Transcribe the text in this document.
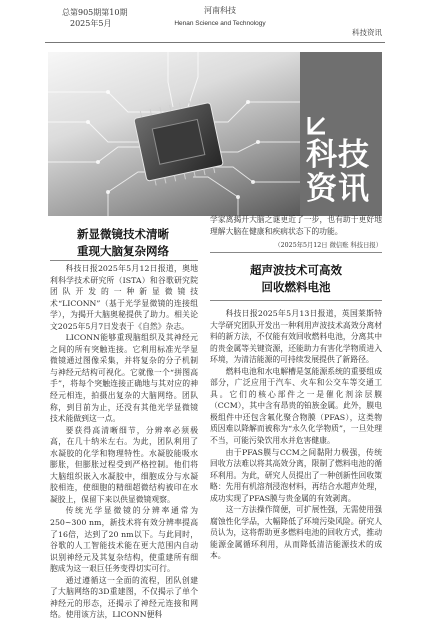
总第905期第10期
2025年5月
河南科技
Henan Science and Technology
科技资讯
科技
资讯
新显微镜技术清晰
重现大脑复杂网络

科技日报2025年5月12日报道，奥地利科学技术研究所（ISTA）和谷歌研究院团队开发的一种新显微镜技术“LICONN”（基于光学显微镜的连接组学），为揭开大脑奥秘提供了助力。相关论文2025年5月7日发表于《自然》杂志。

LICONN能够重现脑组织及其神经元之间的所有突触连接。它利用标准光学显微镜通过图像采集，并将复杂的分子机制与神经元结构可视化。它就像一个“拼图高手”，将每个突触连接正确地与其对应的神经元相连，拍摄出复杂的大脑网络。团队称，到目前为止，还没有其他光学显微镜技术能做到这一点。

要获得高清晰细节，分辨率必须极高，在几十纳米左右。为此，团队利用了水凝胶的化学和物理特性。水凝胶能吸水膨胀，但膨胀过程受到严格控制。他们将大脑组织嵌入水凝胶中，细胞成分与水凝胶相连，使细胞的精细超微结构被印在水凝胶上，保留下来以供显微镜观察。

传统光学显微镜的分辨率通常为250~300 nm，新技术将有效分辨率提高了16倍，达到了20 nm以下。与此同时，谷歌的人工智能技术能在更大范围内自动识别神经元及其复杂结构，使重建所有细胞成为这一艰巨任务变得切实可行。

通过遵循这一全面的流程，团队创建了大脑网络的3D重建图，不仅揭示了单个神经元的形态，还揭示了神经元连接和网络。使用该方法，LICONN便科

学家离揭开大脑之谜更近了一步，也有助于更好地理解大脑在健康和疾病状态下的功能。
（2025年5月12日 微信账 科技日报）
超声波技术可高效
回收燃料电池

科技日报2025年5月13日报道，英国莱斯特大学研究团队开发出一种利用声波技术高效分离材料的新方法，不仅能有效回收燃料电池，分离其中的贵金属等关键资源，还能助力有害化学物质进入环境，为清洁能源的可持续发展提供了新路径。

燃料电池和水电解槽是氢能源系统的重要组成部分，广泛应用于汽车、火车和公交车等交通工具。它们的核心部件之一是催化剂涂层膜（CCM），其中含有昂贵的铂族金属。此外，膜电极组件中还包含氟化聚合物膜（PFAS），这类物质因难以降解而被称为“永久化学物质”，一旦处理不当，可能污染饮用水并危害健康。

由于PFAS膜与CCM之间黏附力极强，传统回收方法难以将其高效分离，限制了燃料电池的循环利用。为此，研究人员提出了一种创新性回收策略：先用有机溶剂浸泡材料，再结合水超声处理，成功实现了PFAS膜与贵金属的有效剥离。

这一方法操作简便，可扩展性强，无需使用强腐蚀性化学品，大幅降低了环境污染风险。研究人员认为，这将帮助更多燃料电池的回收方式，推动能源金属循环利用，从而降低清洁能源技术的成本。
